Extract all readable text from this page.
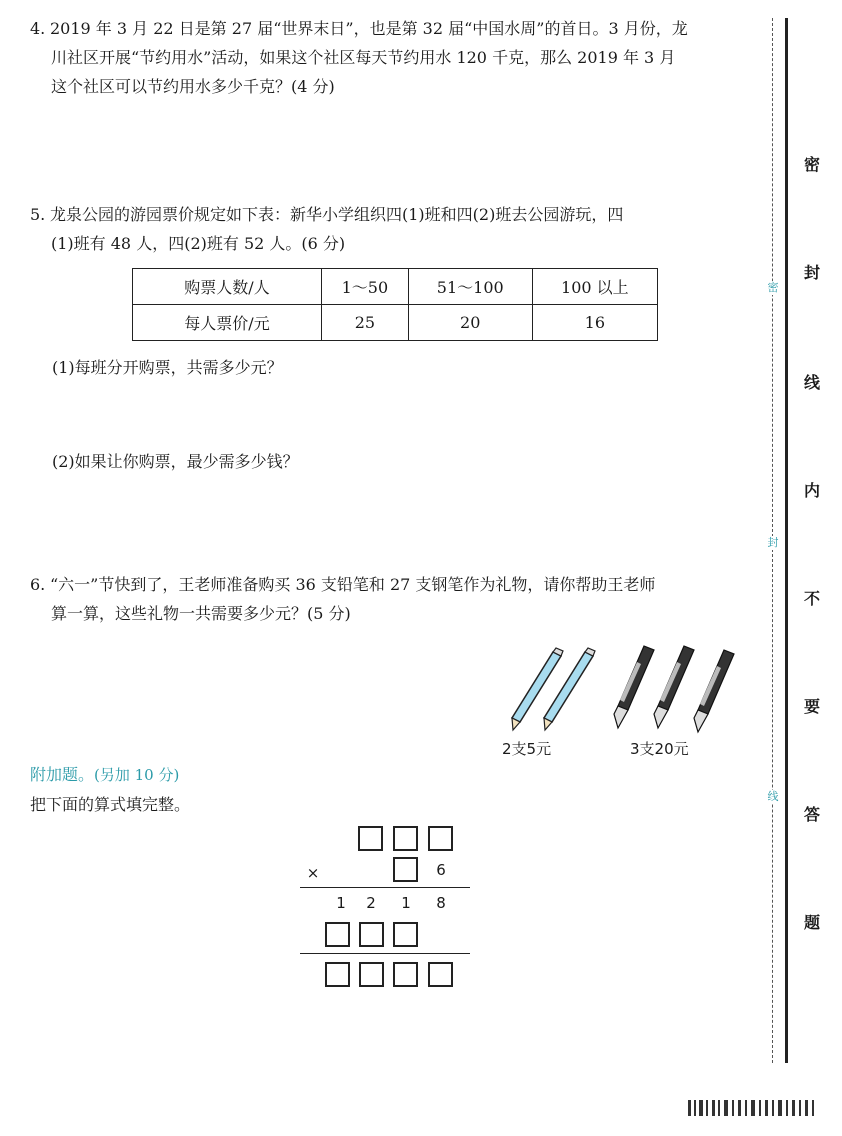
4. 2019 年 3 月 22 日是第 27 届“世界末日”，也是第 32 届“中国水周”的首日。3 月份，龙

川社区开展“节约用水”活动，如果这个社区每天节约用水 120 千克，那么 2019 年 3 月

这个社区可以节约用水多少千克？(4 分)

5. 龙泉公园的游园票价规定如下表：新华小学组织四(1)班和四(2)班去公园游玩，四

(1)班有 48 人，四(2)班有 52 人。(6 分)

购票人数/人	1～50	51～100	100 以上
每人票价/元	25	20	16
(1)每班分开购票，共需多少元？
(2)如果让你购票，最少需多少钱？

6. “六一”节快到了，王老师准备购买 36 支铅笔和 27 支钢笔作为礼物，请你帮助王老师

算一算，这些礼物一共需要多少元？(5 分)

2支5元	3支20元
附加题。(另加 10 分)
把下面的算式填完整。
×	6
1 2 1 8
密
封
线
内
不
要
答
题
密
封
线
